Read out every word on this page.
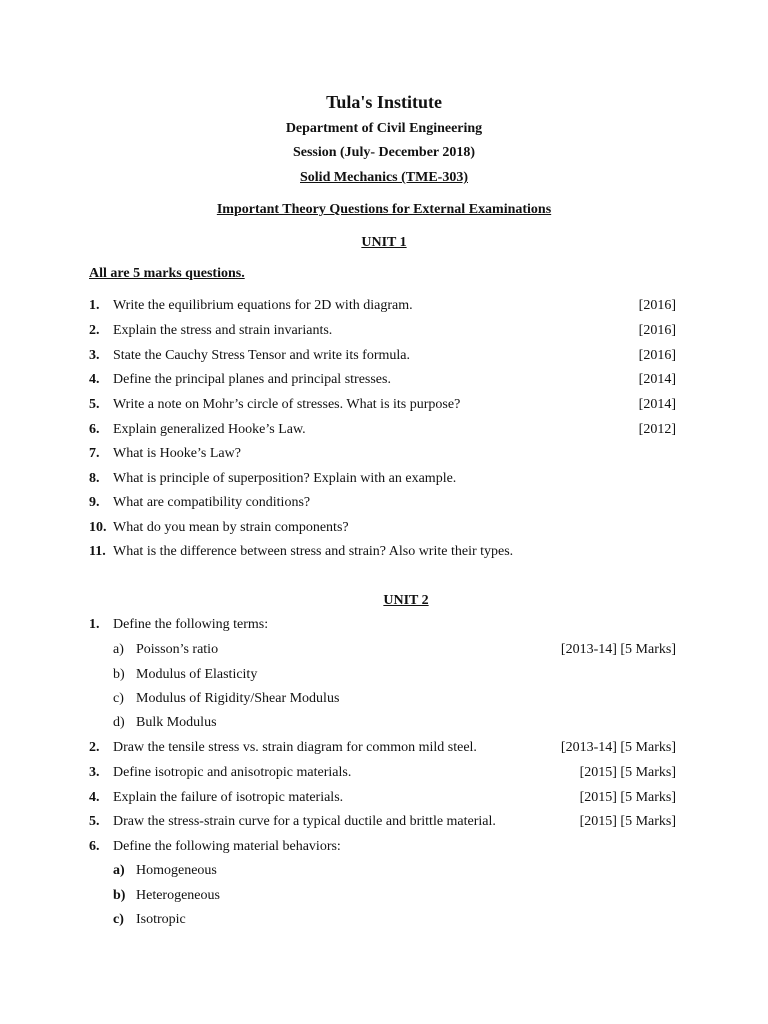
Tula's Institute
Department of Civil Engineering
Session (July- December 2018)
Solid Mechanics (TME-303)
Important Theory Questions for External Examinations
UNIT 1
All are 5 marks questions.
1. Write the equilibrium equations for 2D with diagram.	[2016]
2. Explain the stress and strain invariants.	[2016]
3. State the Cauchy Stress Tensor and write its formula.	[2016]
4. Define the principal planes and principal stresses.	[2014]
5. Write a note on Mohr’s circle of stresses. What is its purpose?	[2014]
6. Explain generalized Hooke’s Law.	[2012]
7. What is Hooke’s Law?
8. What is principle of superposition? Explain with an example.
9. What are compatibility conditions?
10. What do you mean by strain components?
11. What is the difference between stress and strain? Also write their types.
UNIT 2
1. Define the following terms:
a) Poisson’s ratio	[2013-14] [5 Marks]
b) Modulus of Elasticity
c) Modulus of Rigidity/Shear Modulus
d) Bulk Modulus
2. Draw the tensile stress vs. strain diagram for common mild steel.	[2013-14] [5 Marks]
3. Define isotropic and anisotropic materials.	[2015] [5 Marks]
4. Explain the failure of isotropic materials.	[2015] [5 Marks]
5. Draw the stress-strain curve for a typical ductile and brittle material.	[2015] [5 Marks]
6. Define the following material behaviors:
a) Homogeneous
b) Heterogeneous
c) Isotropic
